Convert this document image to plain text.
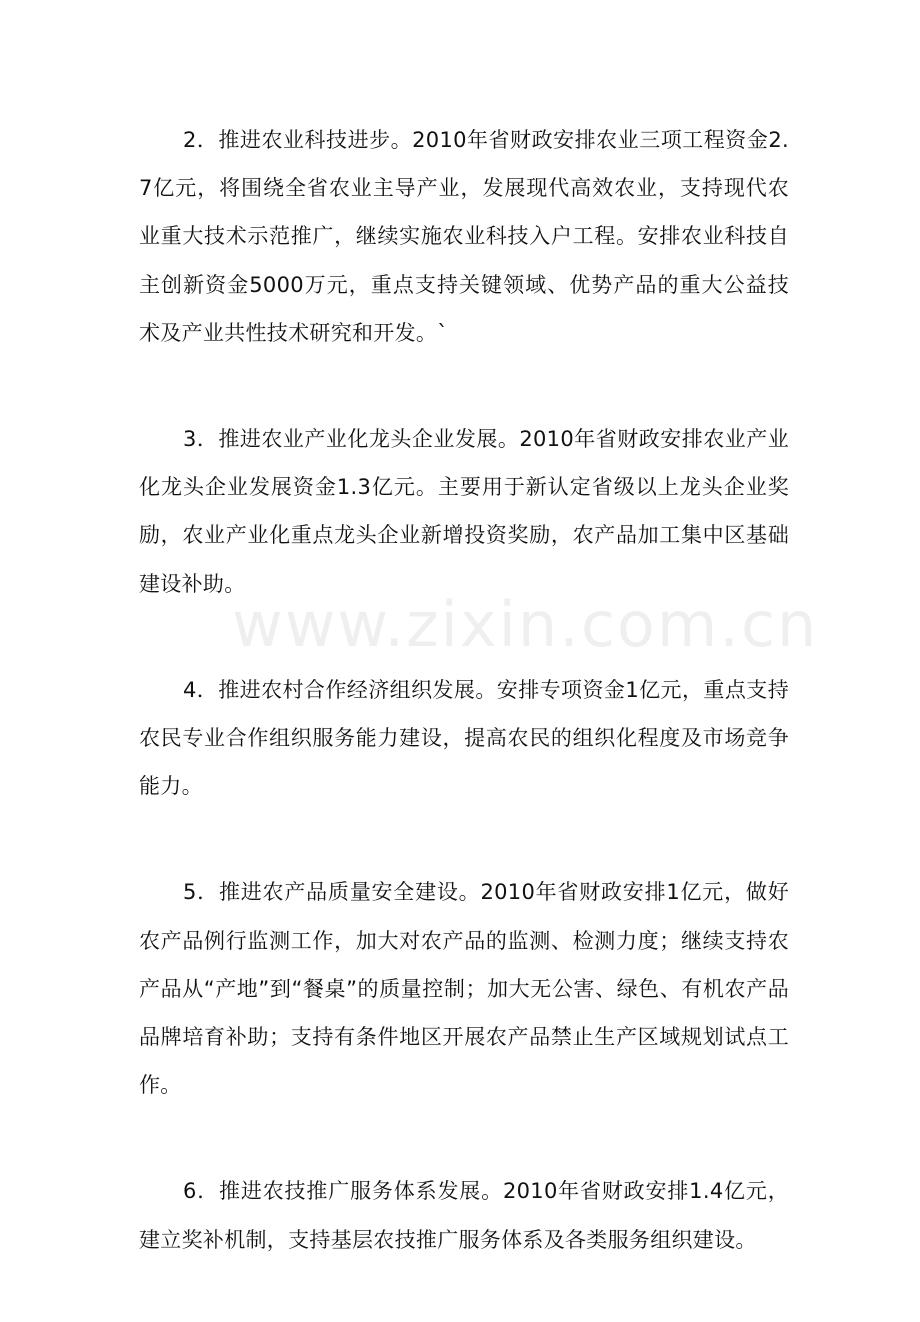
www.zixin.com.cn

2．推进农业科技进步。2010年省财政安排农业三项工程资金2.7亿元，将围绕全省农业主导产业，发展现代高效农业，支持现代农业重大技术示范推广，继续实施农业科技入户工程。安排农业科技自主创新资金5000万元，重点支持关键领域、优势产品的重大公益技术及产业共性技术研究和开发。`

3．推进农业产业化龙头企业发展。2010年省财政安排农业产业化龙头企业发展资金1.3亿元。主要用于新认定省级以上龙头企业奖励，农业产业化重点龙头企业新增投资奖励，农产品加工集中区基础建设补助。

4．推进农村合作经济组织发展。安排专项资金1亿元，重点支持农民专业合作组织服务能力建设，提高农民的组织化程度及市场竞争能力。

5．推进农产品质量安全建设。2010年省财政安排1亿元，做好农产品例行监测工作，加大对农产品的监测、检测力度；继续支持农产品从“产地”到“餐桌”的质量控制；加大无公害、绿色、有机农产品品牌培育补助；支持有条件地区开展农产品禁止生产区域规划试点工作。

6．推进农技推广服务体系发展。2010年省财政安排1.4亿元，建立奖补机制，支持基层农技推广服务体系及各类服务组织建设。
